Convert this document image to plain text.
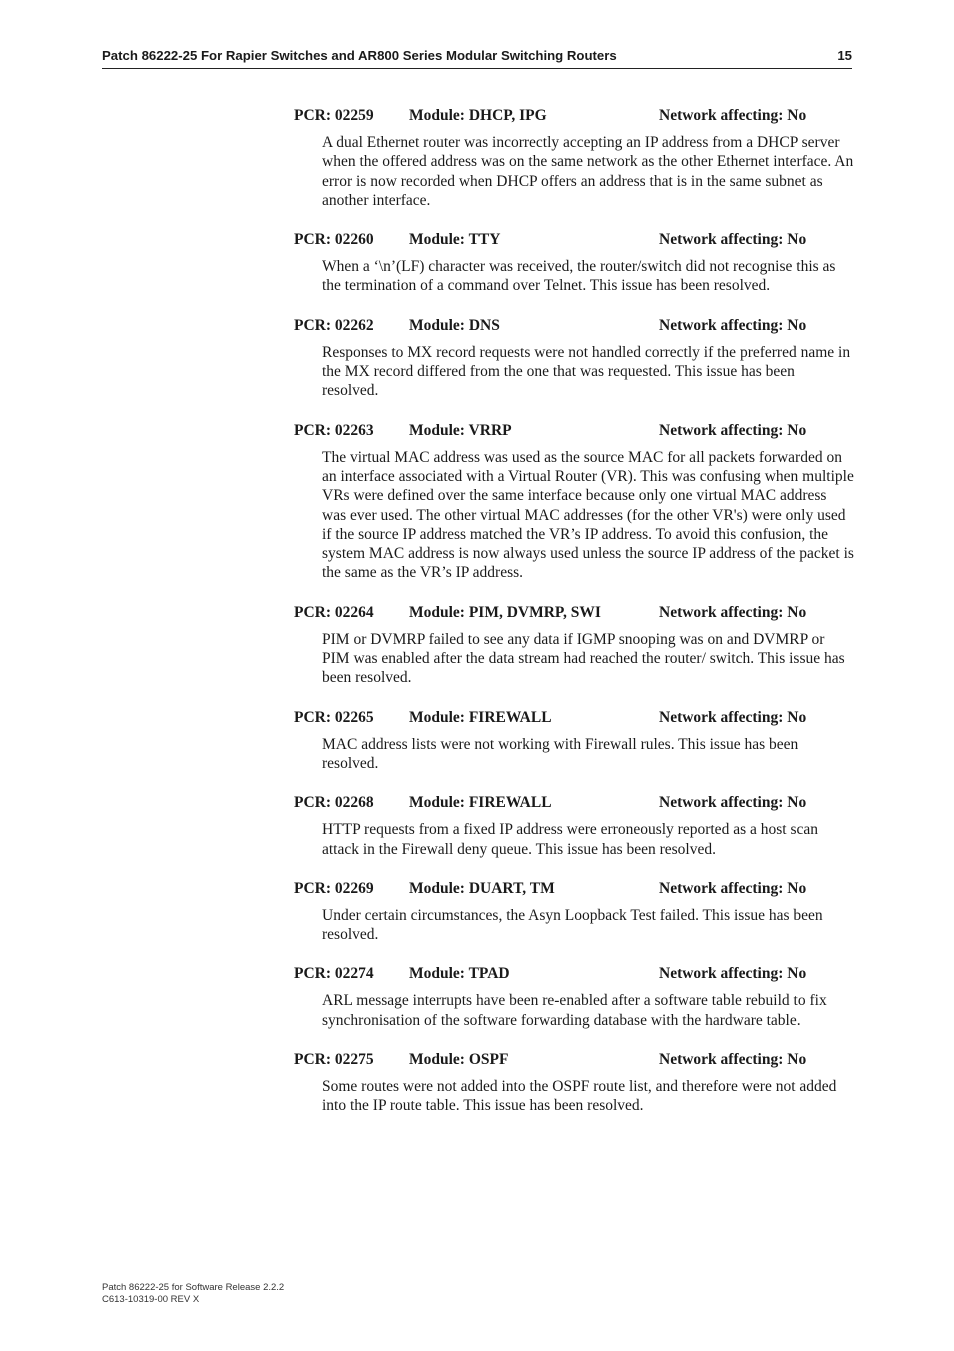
Patch 86222-25 For Rapier Switches and AR800 Series Modular Switching Routers	15
PCR: 02259 Module: DHCP, IPG	Network affecting: No
A dual Ethernet router was incorrectly accepting an IP address from a DHCP server when the offered address was on the same network as the other Ethernet interface. An error is now recorded when DHCP offers an address that is in the same subnet as another interface.
PCR: 02260 Module: TTY	Network affecting: No
When a ‘\n’(LF) character was received, the router/switch did not recognise this as the termination of a command over Telnet. This issue has been resolved.
PCR: 02262 Module: DNS	Network affecting: No
Responses to MX record requests were not handled correctly if the preferred name in the MX record differed from the one that was requested. This issue has been resolved.
PCR: 02263 Module: VRRP	Network affecting: No
The virtual MAC address was used as the source MAC for all packets forwarded on an interface associated with a Virtual Router (VR). This was confusing when multiple VRs were defined over the same interface because only one virtual MAC address was ever used. The other virtual MAC addresses (for the other VR's) were only used if the source IP address matched the VR’s IP address. To avoid this confusion, the system MAC address is now always used unless the source IP address of the packet is the same as the VR’s IP address.
PCR: 02264 Module: PIM, DVMRP, SWI	Network affecting: No
PIM or DVMRP failed to see any data if IGMP snooping was on and DVMRP or PIM was enabled after the data stream had reached the router/ switch. This issue has been resolved.
PCR: 02265 Module: FIREWALL	Network affecting: No
MAC address lists were not working with Firewall rules. This issue has been resolved.
PCR: 02268 Module: FIREWALL	Network affecting: No
HTTP requests from a fixed IP address were erroneously reported as a host scan attack in the Firewall deny queue. This issue has been resolved.
PCR: 02269 Module: DUART, TM	Network affecting: No
Under certain circumstances, the Asyn Loopback Test failed. This issue has been resolved.
PCR: 02274 Module: TPAD	Network affecting: No
ARL message interrupts have been re-enabled after a software table rebuild to fix synchronisation of the software forwarding database with the hardware table.
PCR: 02275 Module: OSPF	Network affecting: No
Some routes were not added into the OSPF route list, and therefore were not added into the IP route table. This issue has been resolved.
Patch 86222-25 for Software Release 2.2.2
C613-10319-00 REV X
